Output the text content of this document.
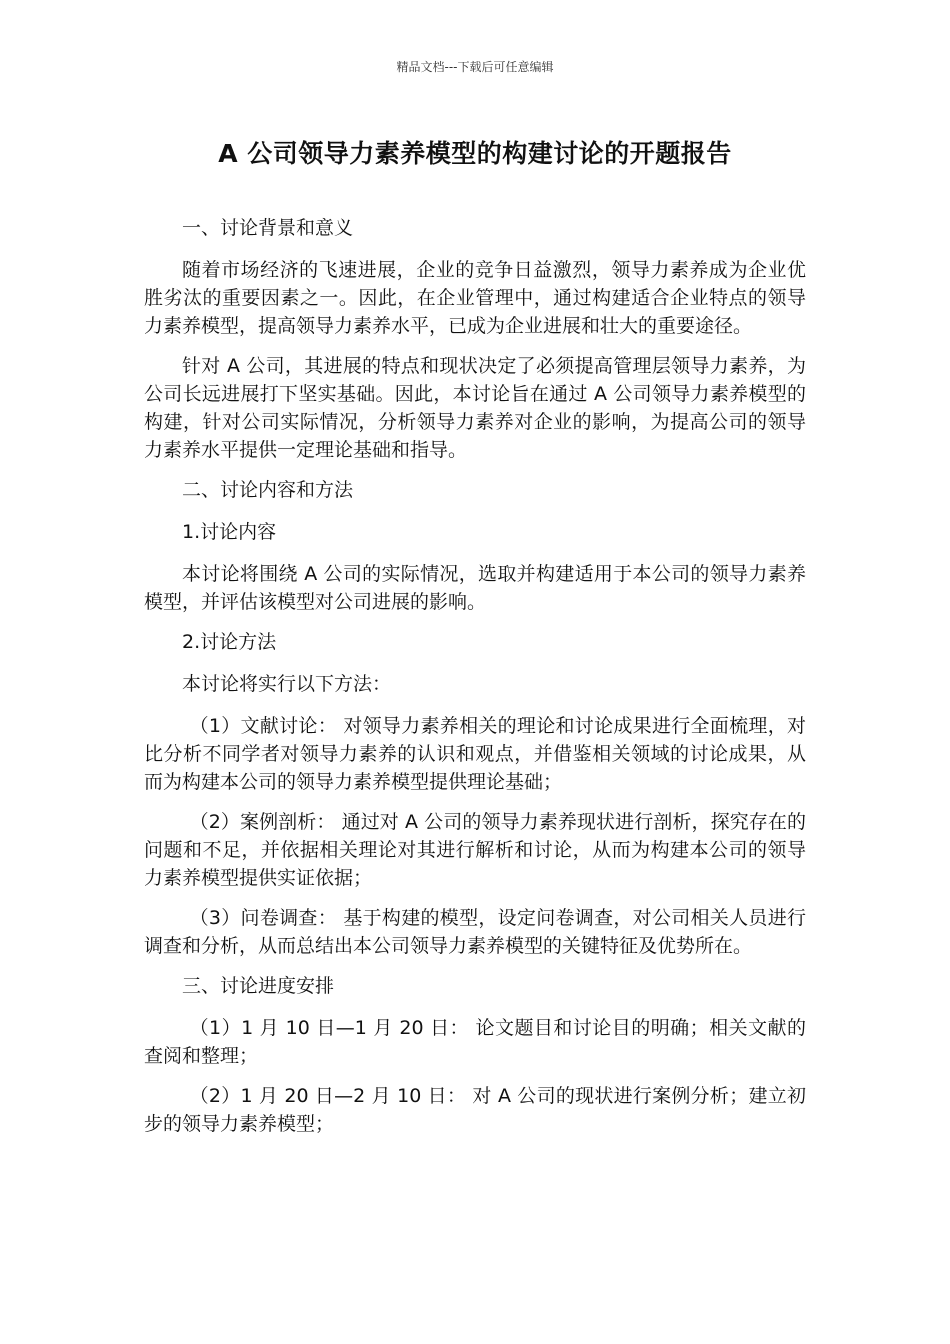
精品文档---下载后可任意编辑
A 公司领导力素养模型的构建讨论的开题报告

一、讨论背景和意义

随着市场经济的飞速进展，企业的竞争日益激烈，领导力素养成为企业优胜劣汰的重要因素之一。因此，在企业管理中，通过构建适合企业特点的领导力素养模型，提高领导力素养水平，已成为企业进展和壮大的重要途径。

针对 A 公司，其进展的特点和现状决定了必须提高管理层领导力素养，为公司长远进展打下坚实基础。因此，本讨论旨在通过 A 公司领导力素养模型的构建，针对公司实际情况，分析领导力素养对企业的影响，为提高公司的领导力素养水平提供一定理论基础和指导。

二、讨论内容和方法

1.讨论内容

本讨论将围绕 A 公司的实际情况，选取并构建适用于本公司的领导力素养模型，并评估该模型对公司进展的影响。

2.讨论方法

本讨论将实行以下方法：

（1）文献讨论： 对领导力素养相关的理论和讨论成果进行全面梳理，对比分析不同学者对领导力素养的认识和观点，并借鉴相关领域的讨论成果，从而为构建本公司的领导力素养模型提供理论基础；

（2）案例剖析： 通过对 A 公司的领导力素养现状进行剖析，探究存在的问题和不足，并依据相关理论对其进行解析和讨论，从而为构建本公司的领导力素养模型提供实证依据；

（3）问卷调查： 基于构建的模型，设定问卷调查，对公司相关人员进行调查和分析，从而总结出本公司领导力素养模型的关键特征及优势所在。

三、讨论进度安排

（1）1 月 10 日—1 月 20 日： 论文题目和讨论目的明确；相关文献的查阅和整理；

（2）1 月 20 日—2 月 10 日： 对 A 公司的现状进行案例分析；建立初步的领导力素养模型；
